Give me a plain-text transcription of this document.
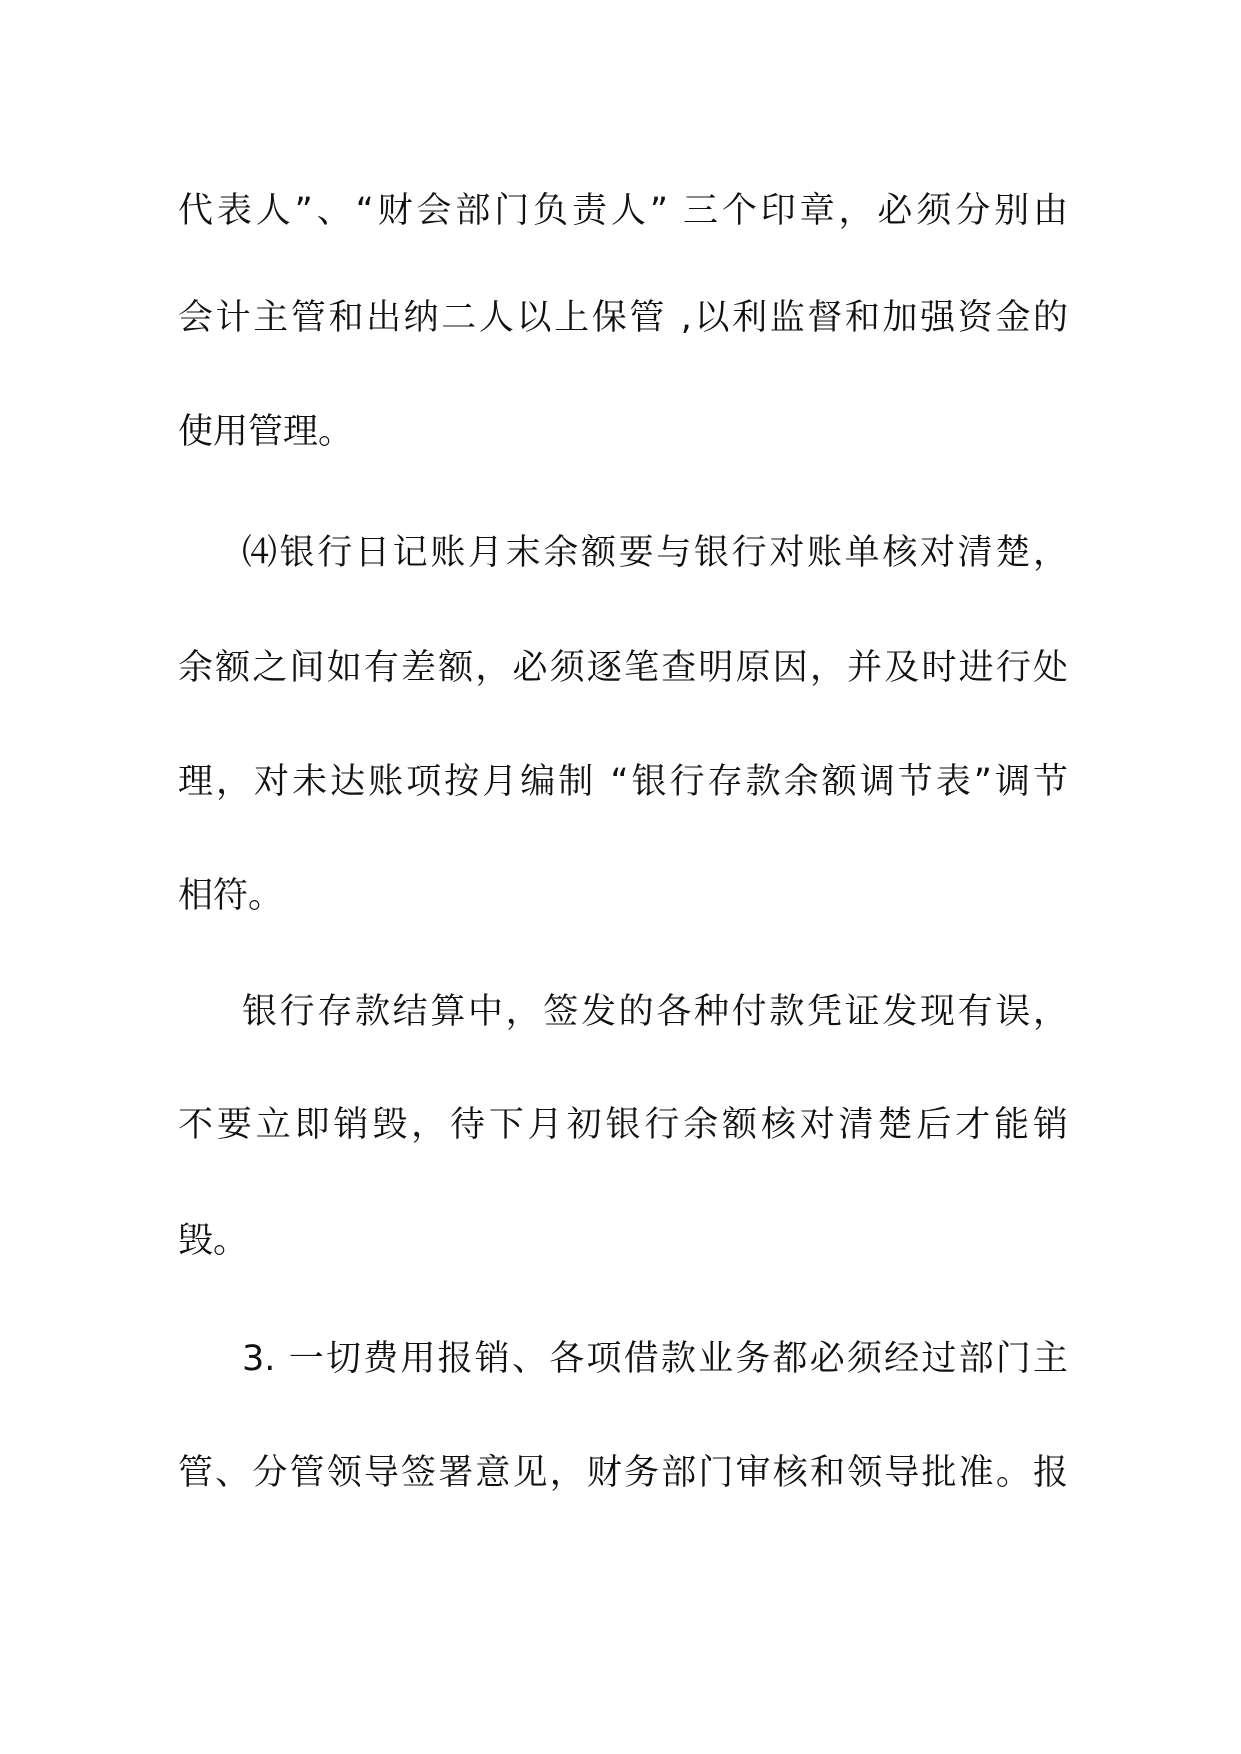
代表人”、“财会部门负责人” 三个印章，必须分别由
会计主管和出纳二人以上保管 ,以利监督和加强资金的
使用管理。
⑷银行日记账月末余额要与银行对账单核对清楚，
余额之间如有差额，必须逐笔查明原因，并及时进行处
理，对未达账项按月编制 “银行存款余额调节表”调节
相符。
银行存款结算中，签发的各种付款凭证发现有误，
不要立即销毁，待下月初银行余额核对清楚后才能销
毁。
3. 一切费用报销、各项借款业务都必须经过部门主
管、分管领导签署意见，财务部门审核和领导批准。报
